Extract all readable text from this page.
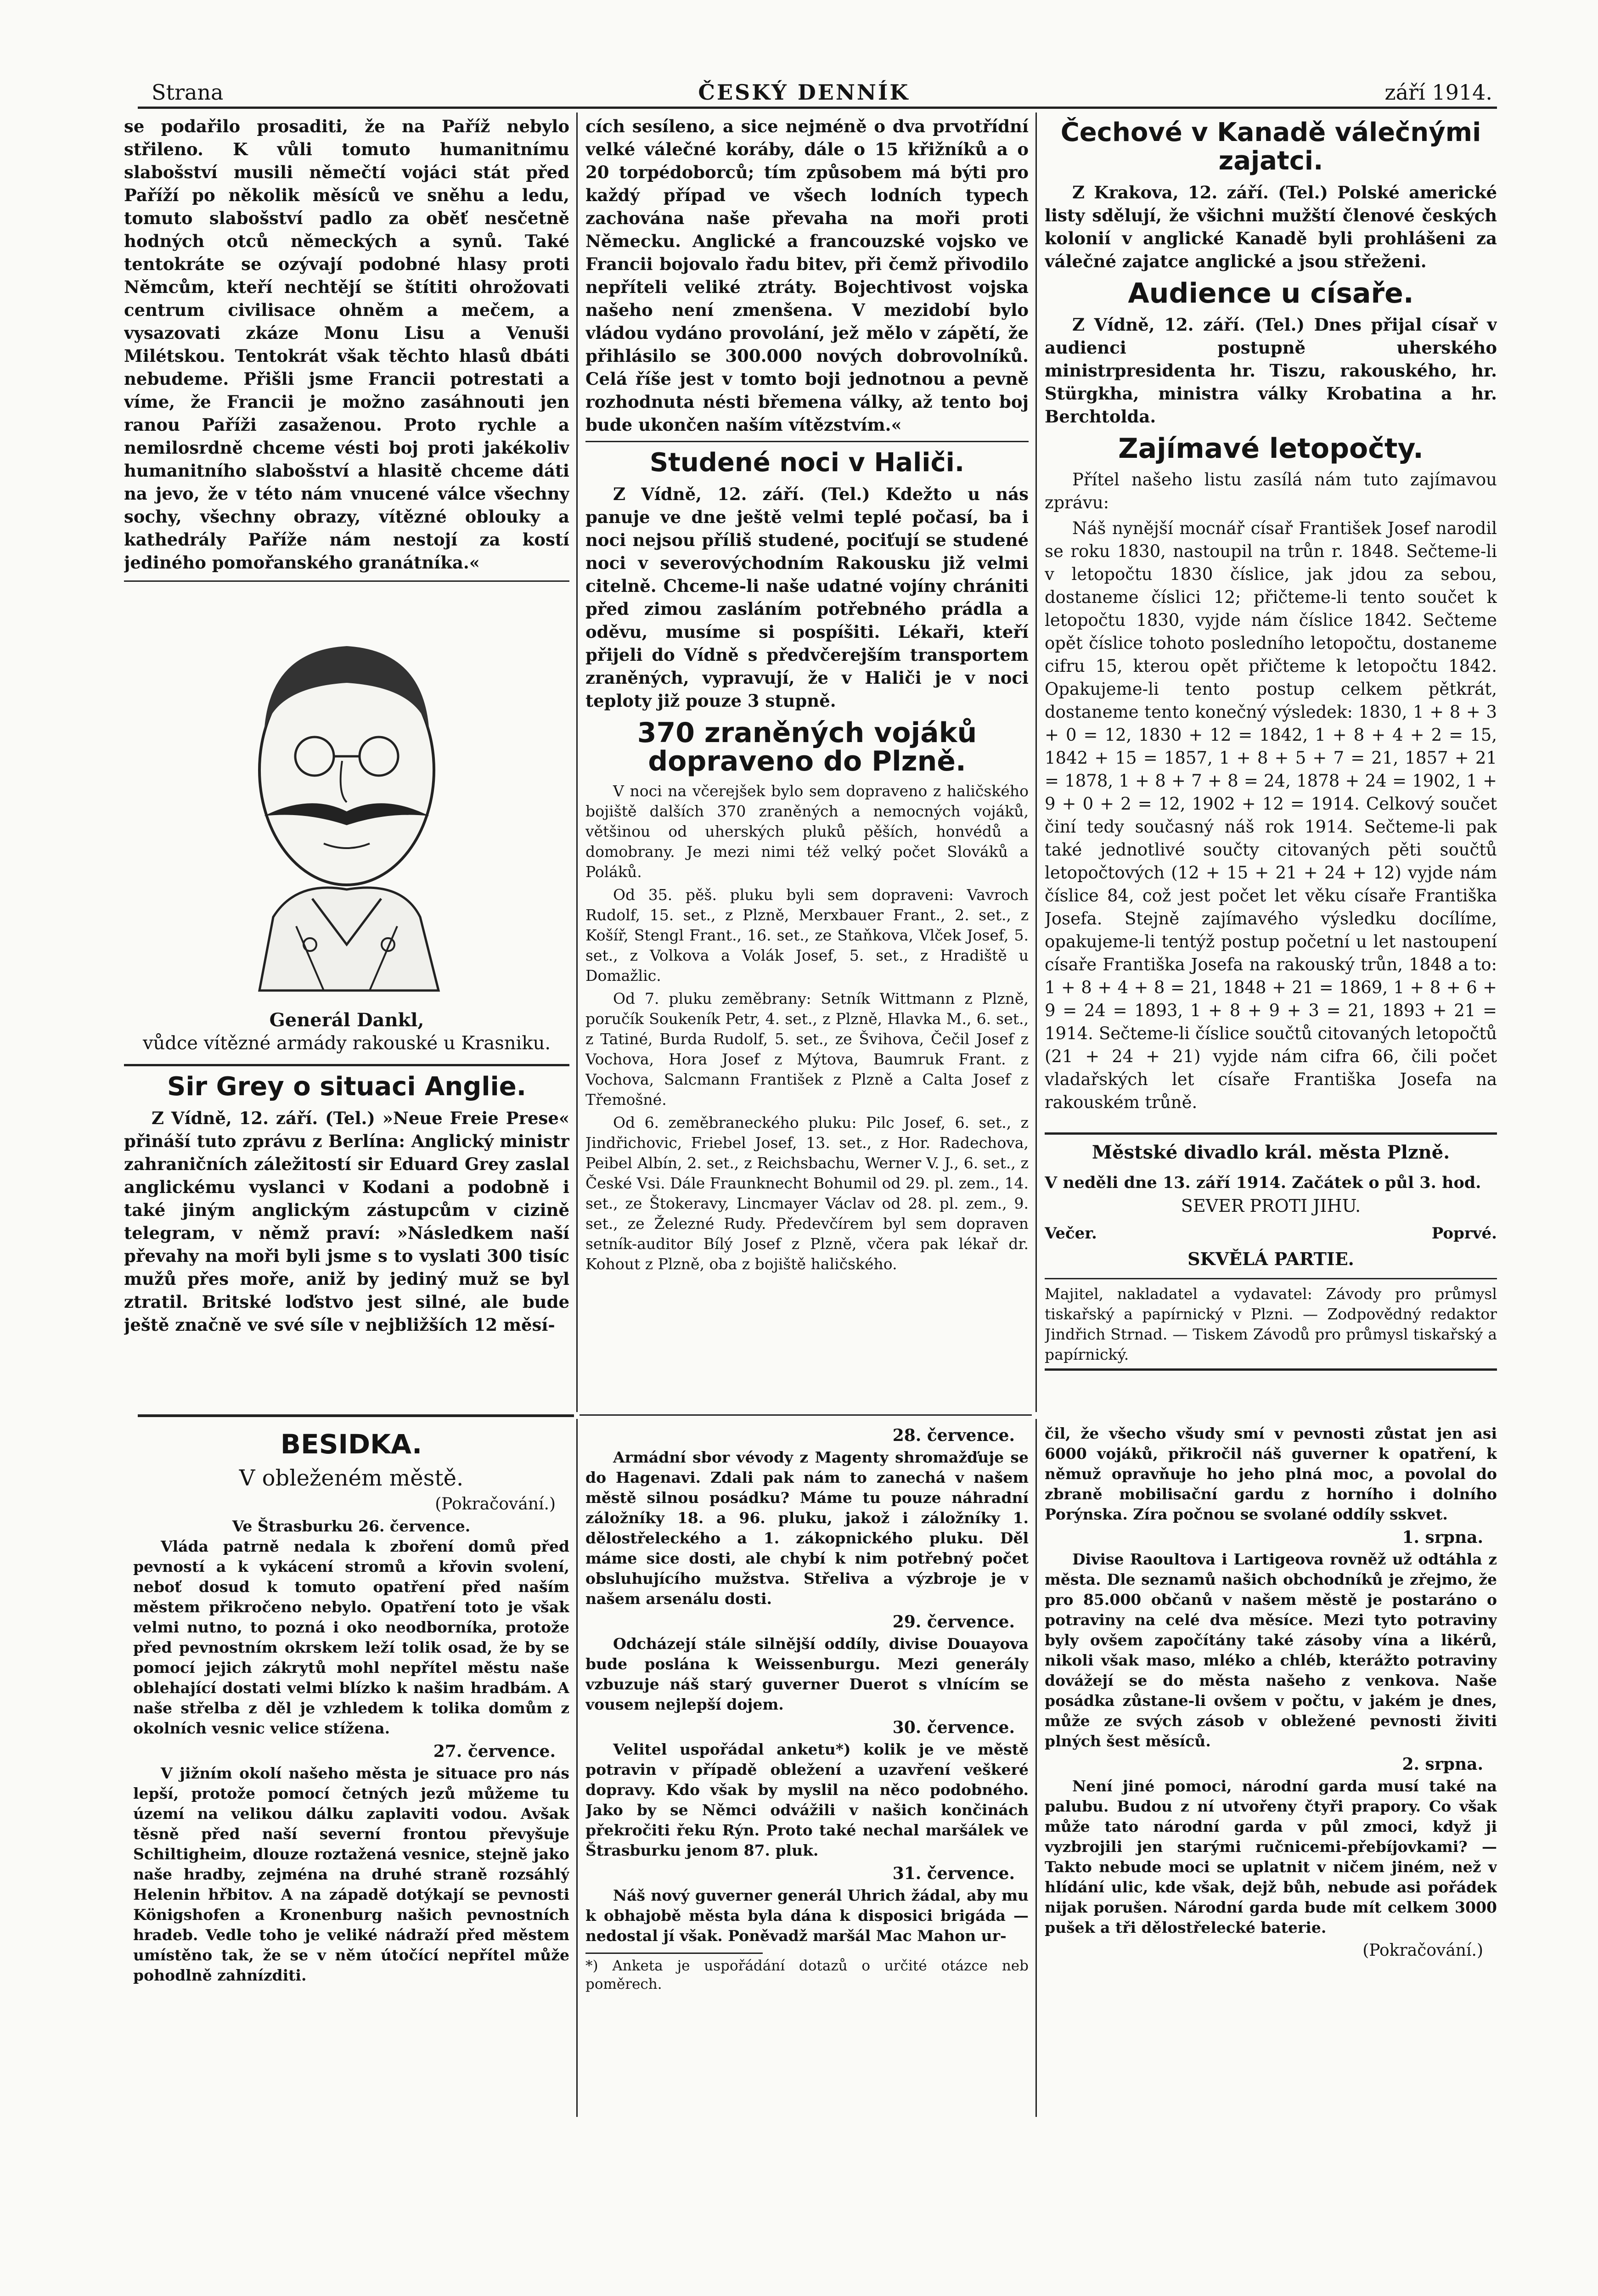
Strana	ČESKÝ DENNÍK	září 1914.

se podařilo prosaditi, že na Paříž nebylo střileno. K vůli tomuto humanitnímu slabošství musili němečtí vojáci stát před Paříží po několik měsíců ve sněhu a ledu, tomuto slabošství padlo za oběť nesčetně hodných otců německých a synů. Také tentokráte se ozývají podobné hlasy proti Němcům, kteří nechtějí se štítiti ohrožovati centrum civilisace ohněm a mečem, a vysazovati zkáze Monu Lisu a Venuši Milétskou. Tentokrát však těchto hlasů dbáti nebudeme. Přišli jsme Francii potrestati a víme, že Francii je možno zasáhnouti jen ranou Paříži zasaženou. Proto rychle a nemilosrdně chceme vésti boj proti jakékoliv humanitního slabošství a hlasitě chceme dáti na jevo, že v této nám vnucené válce všechny sochy, všechny obrazy, vítězné oblouky a kathedrály Paříže nám nestojí za kostí jediného pomořanského granátníka.«

Generál Dankl,
vůdce vítězné armády rakouské u Krasniku.
Sir Grey o situaci Anglie.

Z Vídně, 12. září. (Tel.) »Neue Freie Prese« přináší tuto zprávu z Berlína: Anglický ministr zahraničních záležitostí sir Eduard Grey zaslal anglickému vyslanci v Kodani a podobně i také jiným anglickým zástupcům v cizině telegram, v němž praví: »Následkem naší převahy na moři byli jsme s to vyslati 300 tisíc mužů přes moře, aniž by jediný muž se byl ztratil. Britské loďstvo jest silné, ale bude ještě značně ve své síle v nejbližších 12 měsí-

cích sesíleno, a sice nejméně o dva prvotřídní velké válečné koráby, dále o 15 křižníků a o 20 torpédoborců; tím způsobem má býti pro každý případ ve všech lodních typech zachována naše převaha na moři proti Německu. Anglické a francouzské vojsko ve Francii bojovalo řadu bitev, při čemž přivodilo nepříteli veliké ztráty. Bojechtivost vojska našeho není zmenšena. V mezidobí bylo vládou vydáno provolání, jež mělo v zápětí, že přihlásilo se 300.000 nových dobrovolníků. Celá říše jest v tomto boji jednotnou a pevně rozhodnuta nésti břemena války, až tento boj bude ukončen naším vítězstvím.«

Studené noci v Haliči.

Z Vídně, 12. září. (Tel.) Kdežto u nás panuje ve dne ještě velmi teplé počasí, ba i noci nejsou příliš studené, pociťují se studené noci v severovýchodním Rakousku již velmi citelně. Chceme-li naše udatné vojíny chrániti před zimou zasláním potřebného prádla a oděvu, musíme si pospíšiti. Lékaři, kteří přijeli do Vídně s předvčerejším transportem zraněných, vypravují, že v Haliči je v noci teploty již pouze 3 stupně.

370 zraněných vojáků dopraveno do Plzně.

V noci na včerejšek bylo sem dopraveno z haličského bojiště dalších 370 zraněných a nemocných vojáků, většinou od uherských pluků pěších, honvédů a domobrany. Je mezi nimi též velký počet Slováků a Poláků.

Od 35. pěš. pluku byli sem dopraveni: Vavroch Rudolf, 15. set., z Plzně, Merxbauer Frant., 2. set., z Košíř, Stengl Frant., 16. set., ze Staňkova, Vlček Josef, 5. set., z Volkova a Volák Josef, 5. set., z Hradiště u Domažlic.

Od 7. pluku zeměbrany: Setník Wittmann z Plzně, poručík Soukeník Petr, 4. set., z Plzně, Hlavka M., 6. set., z Tatiné, Burda Rudolf, 5. set., ze Švihova, Čečil Josef z Vochova, Hora Josef z Mýtova, Baumruk Frant. z Vochova, Salcmann František z Plzně a Calta Josef z Třemošné.

Od 6. zeměbraneckého pluku: Pilc Josef, 6. set., z Jindřichovic, Friebel Josef, 13. set., z Hor. Radechova, Peibel Albín, 2. set., z Reichsbachu, Werner V. J., 6. set., z České Vsi. Dále Fraunknecht Bohumil od 29. pl. zem., 14. set., ze Štokeravy, Lincmayer Václav od 28. pl. zem., 9. set., ze Železné Rudy. Předevčírem byl sem dopraven setník-auditor Bílý Josef z Plzně, včera pak lékař dr. Kohout z Plzně, oba z bojiště haličského.

Čechové v Kanadě válečnými zajatci.

Z Krakova, 12. září. (Tel.) Polské americké listy sdělují, že všichni mužští členové českých kolonií v anglické Kanadě byli prohlášeni za válečné zajatce anglické a jsou střeženi.

Audience u císaře.

Z Vídně, 12. září. (Tel.) Dnes přijal císař v audienci postupně uherského ministrpresidenta hr. Tiszu, rakouského, hr. Stürgkha, ministra války Krobatina a hr. Berchtolda.

Zajímavé letopočty.

Přítel našeho listu zasílá nám tuto zajímavou zprávu:

Náš nynější mocnář císař František Josef narodil se roku 1830, nastoupil na trůn r. 1848. Sečteme-li v letopočtu 1830 číslice, jak jdou za sebou, dostaneme číslici 12; přičteme-li tento součet k letopočtu 1830, vyjde nám číslice 1842. Sečteme opět číslice tohoto posledního letopočtu, dostaneme cifru 15, kterou opět přičteme k letopočtu 1842. Opakujeme-li tento postup celkem pětkrát, dostaneme tento konečný výsledek: 1830, 1 + 8 + 3 + 0 = 12, 1830 + 12 = 1842, 1 + 8 + 4 + 2 = 15, 1842 + 15 = 1857, 1 + 8 + 5 + 7 = 21, 1857 + 21 = 1878, 1 + 8 + 7 + 8 = 24, 1878 + 24 = 1902, 1 + 9 + 0 + 2 = 12, 1902 + 12 = 1914. Celkový součet činí tedy současný náš rok 1914. Sečteme-li pak také jednotlivé součty citovaných pěti součtů letopočtových (12 + 15 + 21 + 24 + 12) vyjde nám číslice 84, což jest počet let věku císaře Františka Josefa. Stejně zajímavého výsledku docílíme, opakujeme-li tentýž postup početní u let nastoupení císaře Františka Josefa na rakouský trůn, 1848 a to: 1 + 8 + 4 + 8 = 21, 1848 + 21 = 1869, 1 + 8 + 6 + 9 = 24 = 1893, 1 + 8 + 9 + 3 = 21, 1893 + 21 = 1914. Sečteme-li číslice součtů citovaných letopočtů (21 + 24 + 21) vyjde nám cifra 66, čili počet vladařských let císaře Františka Josefa na rakouském trůně.

Městské divadlo král. města Plzně.
V neděli dne 13. září 1914. Začátek o půl 3. hod.
SEVER PROTI JIHU.
Večer.	Poprvé.
SKVĚLÁ PARTIE.

Majitel, nakladatel a vydavatel: Závody pro průmysl tiskařský a papírnický v Plzni. — Zodpovědný redaktor Jindřich Strnad. — Tiskem Závodů pro průmysl tiskařský a papírnický.

BESIDKA.
V obleženém městě.
(Pokračování.)
Ve Štrasburku 26. července.

Vláda patrně nedala k zboření domů před pevností a k vykácení stromů a křovin svolení, neboť dosud k tomuto opatření před naším městem přikročeno nebylo. Opatření toto je však velmi nutno, to pozná i oko neodborníka, protože před pevnostním okrskem leží tolik osad, že by se pomocí jejich zákrytů mohl nepřítel městu naše oblehající dostati velmi blízko k našim hradbám. A naše střelba z děl je vzhledem k tolika domům z okolních vesnic velice stížena.

27. července.

V jižním okolí našeho města je situace pro nás lepší, protože pomocí četných jezů můžeme tu území na velikou dálku zaplaviti vodou. Avšak těsně před naší severní frontou převyšuje Schiltigheim, dlouze roztažená vesnice, stejně jako naše hradby, zejména na druhé straně rozsáhlý Helenin hřbitov. A na západě dotýkají se pevnosti Königshofen a Kronenburg našich pevnostních hradeb. Vedle toho je veliké nádraží před městem umístěno tak, že se v něm útočící nepřítel může pohodlně zahnízditi.

28. července.

Armádní sbor vévody z Magenty shromažďuje se do Hagenavi. Zdali pak nám to zanechá v našem městě silnou posádku? Máme tu pouze náhradní záložníky 18. a 96. pluku, jakož i záložníky 1. dělostřeleckého a 1. zákopnického pluku. Děl máme sice dosti, ale chybí k nim potřebný počet obsluhujícího mužstva. Střeliva a výzbroje je v našem arsenálu dosti.

29. července.

Odcházejí stále silnější oddíly, divise Douayova bude poslána k Weissenburgu. Mezi generály vzbuzuje náš starý guverner Duerot s vlnícím se vousem nejlepší dojem.

30. července.

Velitel uspořádal anketu*) kolik je ve městě potravin v případě obležení a uzavření veškeré dopravy. Kdo však by myslil na něco podobného. Jako by se Němci odvážili v našich končinách překročiti řeku Rýn. Proto také nechal maršálek ve Štrasburku jenom 87. pluk.

31. července.

Náš nový guverner generál Uhrich žádal, aby mu k obhajobě města byla dána k disposici brigáda — nedostal jí však. Poněvadž maršál Mac Mahon ur-

*) Anketa je uspořádání dotazů o určité otázce neb poměrech.

čil, že všecho všudy smí v pevnosti zůstat jen asi 6000 vojáků, přikročil náš guverner k opatření, k němuž opravňuje ho jeho plná moc, a povolal do zbraně mobilisační gardu z horního i dolního Porýnska. Zíra počnou se svolané oddíly sskvet.

1. srpna.

Divise Raoultova i Lartigeova rovněž už odtáhla z města. Dle seznamů našich obchodníků je zřejmo, že pro 85.000 občanů v našem městě je postaráno o potraviny na celé dva měsíce. Mezi tyto potraviny byly ovšem započítány také zásoby vína a likérů, nikoli však maso, mléko a chléb, kterážto potraviny dovážejí se do města našeho z venkova. Naše posádka zůstane-li ovšem v počtu, v jakém je dnes, může ze svých zásob v obležené pevnosti živiti plných šest měsíců.

2. srpna.

Není jiné pomoci, národní garda musí také na palubu. Budou z ní utvořeny čtyři prapory. Co však může tato národní garda v půl zmoci, když ji vyzbrojili jen starými ručnicemi-přebíjovkami? — Takto nebude moci se uplatnit v ničem jiném, než v hlídání ulic, kde však, dejž bůh, nebude asi pořádek nijak porušen. Národní garda bude mít celkem 3000 pušek a tři dělostřelecké baterie.

(Pokračování.)
